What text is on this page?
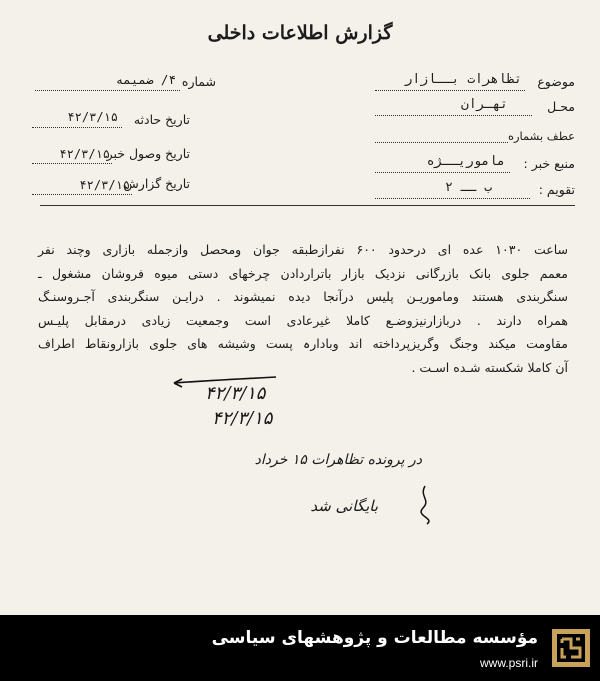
گزارش اطلاعات داخلی
موضوع
تظاهرات بــازار
محـل
تهـران
عطف بشماره
منبع خبر :
ماموریــژه
تقویم :
ب ــ ۲
شماره
۴/ ضمیمه
تاریخ حادثه
۴۲/۳/۱۵
تاریخ وصول خبر
۴۲/۳/۱۵
تاریخ گزارش
۴۲/۳/۱۵
ساعت ۱۰۳۰ عده ای درحدود ۶۰۰ نفرازطبقه جوان ومحصل وازجمله بازاری وچند نفر
معمم جلوی بانک بازرگانی نزدیک بازار باتراردادن چرخهای دستی میوه فروشان مشغول ـ
سنگربندی هستند وماموریـن پلیس درآنجا دیده نمیشوند . درایـن سنگربندی آجـروسنـگ
همراه دارند . دربازارنیزوضـع کاملا غیرعادی است وجمعیت زیادی درمقابل پلیـس
مقاومت میکند وجنگ وگریزپرداخته اند وبادارہ پست وشیشه های جلوی بازارونقاط اطراف
آن کاملا شکسته شـده اسـت .
۴۲/۳/۱۵
۴۲/۳/۱۵
در پرونده تظاهرات ۱۵ خرداد
بایگانی شد
مؤسسه مطالعات و پژوهشهای سیاسی
www.psri.ir
